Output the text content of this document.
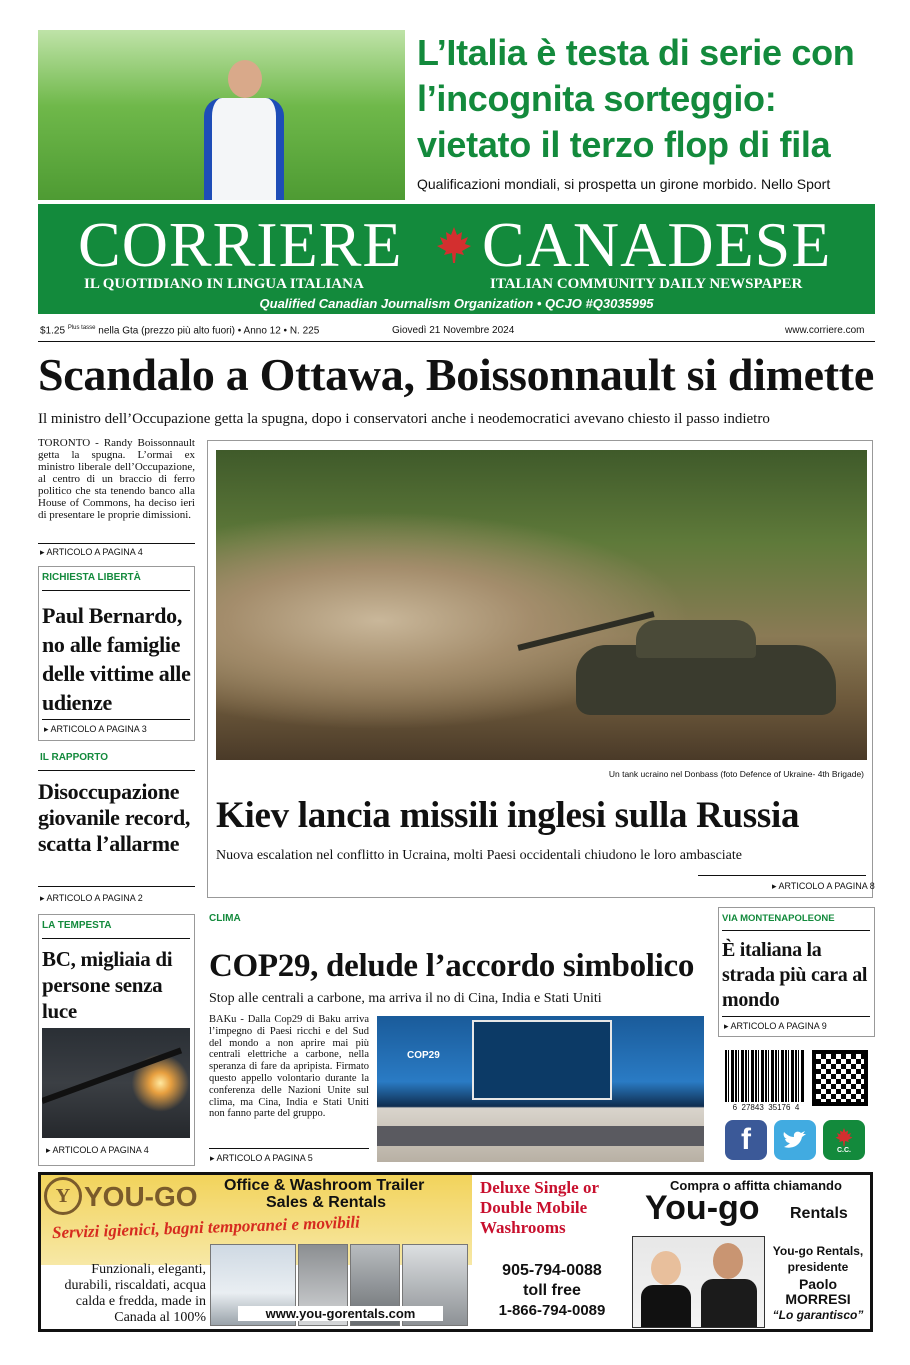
L’Italia è testa di serie con l’incognita sorteggio: vietato il terzo flop di fila
Qualificazioni mondiali, si prospetta un girone morbido. Nello Sport
CORRIERE CANADESE
IL QUOTIDIANO IN LINGUA ITALIANA	ITALIAN COMMUNITY DAILY NEWSPAPER
Qualified Canadian Journalism Organization • QCJO #Q3035995
$1.25 $^{Plus tasse}$ nella Gta (prezzo più alto fuori) • Anno 12 • N. 225	Giovedì 21 Novembre 2024	www.corriere.com
Scandalo a Ottawa, Boissonnault si dimette
Il ministro dell’Occupazione getta la spugna, dopo i conservatori anche i neodemocratici avevano chiesto il passo indietro
TORONTO - Randy Boissonnault getta la spugna. L’ormai ex ministro liberale dell’Occupazione, al centro di un braccio di ferro politico che sta tenendo banco alla House of Commons, ha deciso ieri di presentare le proprie dimissioni.
▸ ARTICOLO A PAGINA 4
RICHIESTA LIBERTÀ
Paul Bernardo, no alle famiglie delle vittime alle udienze
▸ ARTICOLO A PAGINA 3
IL RAPPORTO
Disoccupazione giovanile record, scatta l’allarme
▸ ARTICOLO A PAGINA 2
LA TEMPESTA
BC, migliaia di persone senza luce
▸ ARTICOLO A PAGINA 4
Un tank ucraino nel Donbass (foto Defence of Ukraine- 4th Brigade)
Kiev lancia missili inglesi sulla Russia
Nuova escalation nel conflitto in Ucraina, molti Paesi occidentali chiudono le loro ambasciate
▸ ARTICOLO A PAGINA 8
CLIMA
COP29, delude l’accordo simbolico
Stop alle centrali a carbone, ma arriva il no di Cina, India e Stati Uniti
BAKu - Dalla Cop29 di Baku arriva l’impegno di Paesi ricchi e del Sud del mondo a non aprire mai più centrali elettriche a carbone, nella speranza di fare da apripista. Firmato questo appello volontario durante la conferenza delle Nazioni Unite sul clima, ma Cina, India e Stati Uniti non fanno parte del gruppo.
▸ ARTICOLO A PAGINA 5
COP29
VIA MONTENAPOLEONE
È italiana la strada più cara al mondo
▸ ARTICOLO A PAGINA 9
6  27843  35176  4
f	C.C.
Y YOU-GO Office & Washroom Trailer
Sales & Rentals
Servizi igienici, bagni temporanei e movibili
Funzionali, eleganti, durabili, riscaldati, acqua calda e fredda, made in Canada al 100%	www.you-gorentals.com
Deluxe Single or Double Mobile Washrooms
905-794-0088
toll free
1-866-794-0089
Compra o affitta chiamando
You-go Rentals
You-go Rentals,
presidente
Paolo
MORRESI
“Lo garantisco”
